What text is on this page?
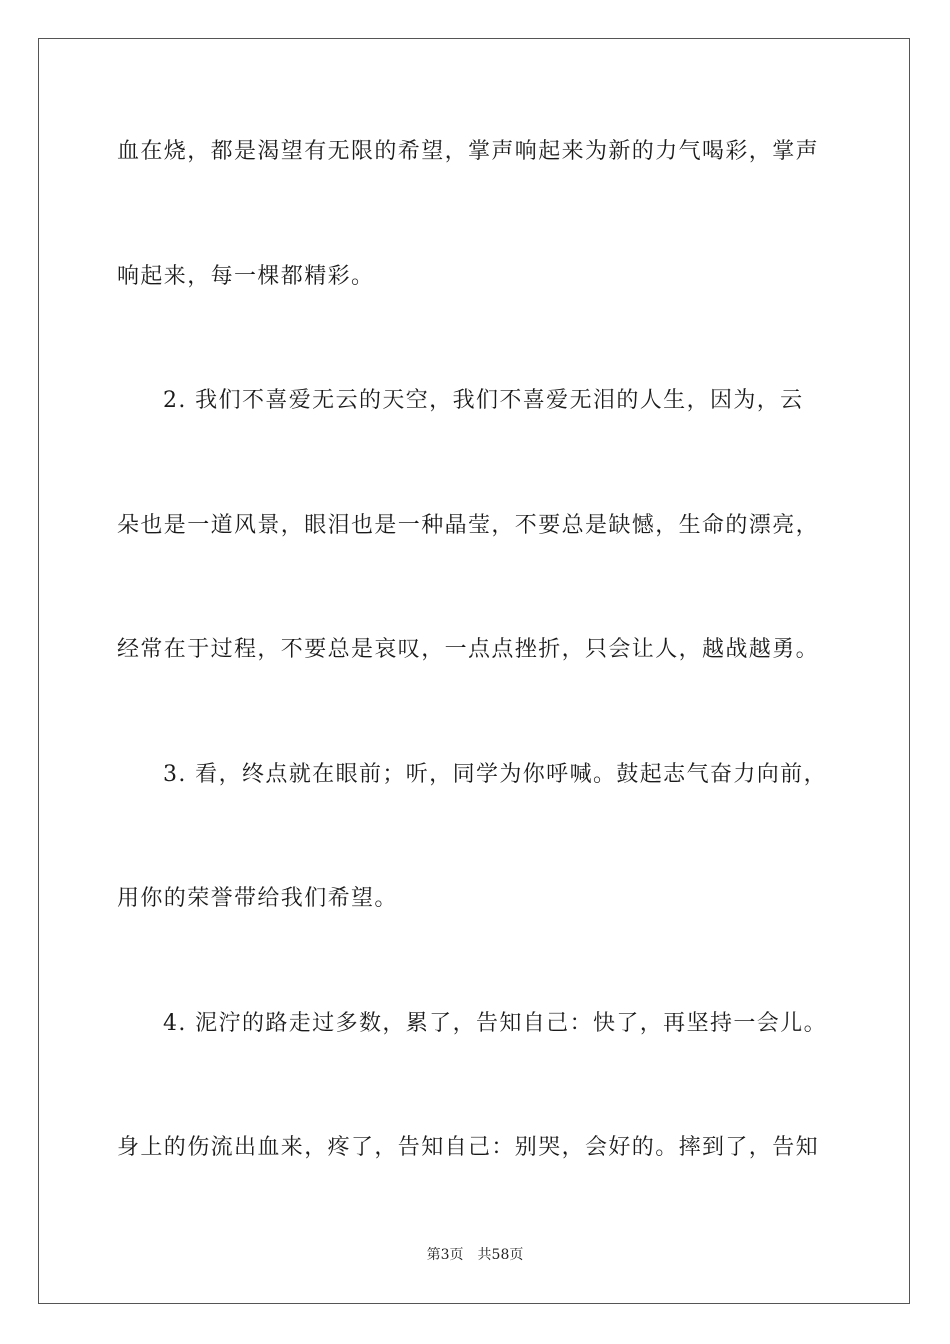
血在烧，都是渴望有无限的希望，掌声响起来为新的力气喝彩，掌声
响起来，每一棵都精彩。
2. 我们不喜爱无云的天空，我们不喜爱无泪的人生，因为，云
朵也是一道风景，眼泪也是一种晶莹，不要总是缺憾，生命的漂亮，
经常在于过程，不要总是哀叹，一点点挫折，只会让人，越战越勇。
3. 看，终点就在眼前；听，同学为你呼喊。鼓起志气奋力向前，
用你的荣誉带给我们希望。
4. 泥泞的路走过多数，累了，告知自己：快了，再坚持一会儿。
身上的伤流出血来，疼了，告知自己：别哭，会好的。摔到了，告知
第3页 共58页
